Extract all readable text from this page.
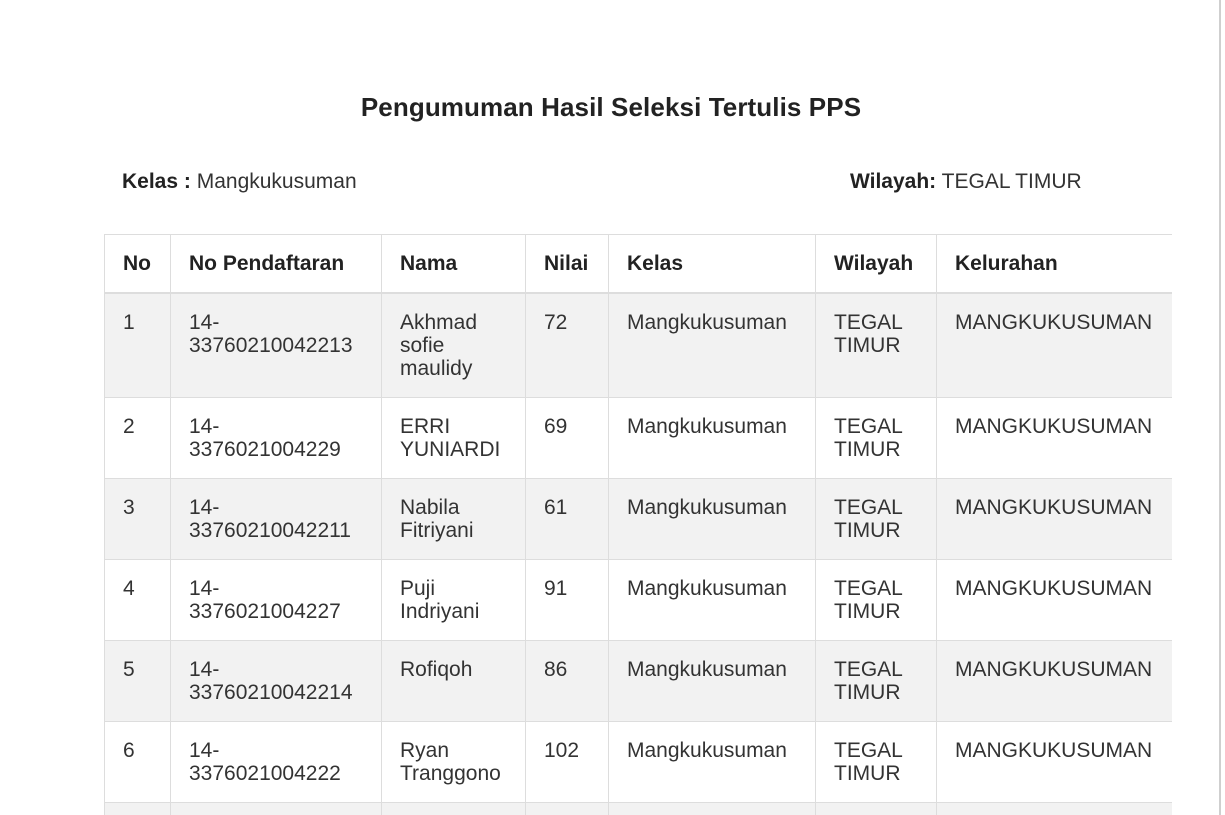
Pengumuman Hasil Seleksi Tertulis PPS
Kelas : Mangkukusuman	Wilayah: TEGAL TIMUR
No	No Pendaftaran	Nama	Nilai	Kelas	Wilayah	Kelurahan
1	14-33760210042213	Akhmad sofie maulidy	72	Mangkukusuman	TEGAL TIMUR	MANGKUKUSUMAN
2	14-3376021004229	ERRI YUNIARDI	69	Mangkukusuman	TEGAL TIMUR	MANGKUKUSUMAN
3	14-33760210042211	Nabila Fitriyani	61	Mangkukusuman	TEGAL TIMUR	MANGKUKUSUMAN
4	14-3376021004227	Puji Indriyani	91	Mangkukusuman	TEGAL TIMUR	MANGKUKUSUMAN
5	14-33760210042214	Rofiqoh	86	Mangkukusuman	TEGAL TIMUR	MANGKUKUSUMAN
6	14-3376021004222	Ryan Tranggono	102	Mangkukusuman	TEGAL TIMUR	MANGKUKUSUMAN
